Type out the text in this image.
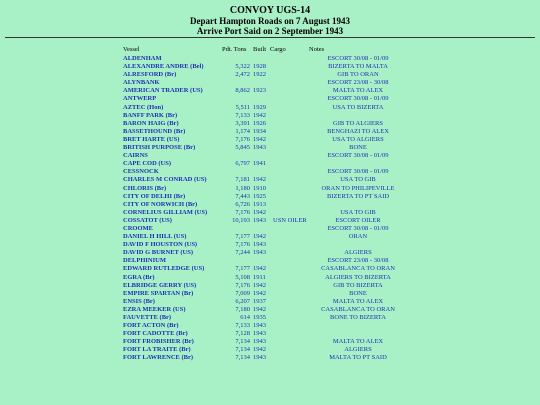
CONVOY UGS-14
Depart Hampton Roads on 7 August 1943
Arrive Port Said on 2 September 1943
Vessel	Pdt. Tons	Built Cargo	Notes
ALDENHAM	ESCORT 30/08 - 01/09
ALEXANDRE ANDRE (Bel)	5,322 1928	BIZERTA TO MALTA
ALRESFORD (Br)	2,472 1922	GIB TO ORAN
ALYNBANK	ESCORT 23/08 - 30/08
AMERICAN TRADER (US)	8,862 1923	MALTA TO ALEX
ANTWERP	ESCORT 30/08 - 01/09
AZTEC (Hon)	5,511 1929	USA TO BIZERTA
BANFF PARK (Br)	7,133 1942
BARON HAIG (Br)	3,391 1926	GIB TO ALGIERS
BASSETHOUND (Br)	1,174 1934	BENGHAZI TO ALEX
BRET HARTE (US)	7,176 1942	USA TO ALGIERS
BRITISH PURPOSE (Br)	5,845 1943	BONE
CAIRNS	ESCORT 30/08 - 01/09
CAPE COD (US)	6,797 1941
CESSNOCK	ESCORT 30/08 - 01/09
CHARLES M CONRAD (US)	7,181 1942	USA TO GIB
CHLORIS (Br)	1,180 1910	ORAN TO PHILIPEVILLE
CITY OF DELHI (Br)	7,443 1925	BIZERTA TO PT SAID
CITY OF NORWICH (Br)	6,726 1913
CORNELIUS GILLIAM (US)	7,176 1942	USA TO GIB
COSSATOT (US)	10,193 1943 USN OILER	ESCORT OILER
CROOME	ESCORT 30/08 - 01/09
DANIEL H HILL (US)	7,177 1942	ORAN
DAVID F HOUSTON (US)	7,176 1943
DAVID G BURNET (US)	7,244 1943	ALGIERS
DELPHINIUM	ESCORT 23/08 - 30/08
EDWARD RUTLEDGE (US)	7,177 1942	CASABLANCA TO ORAN
EGRA (Br)	5,108 1911	ALGIERS TO BIZERTA
ELBRIDGE GERRY (US)	7,176 1942	GIB TO BIZERTA
EMPIRE SPARTAN (Br)	7,009 1942	BONE
ENSIS (Br)	6,207 1937	MALTA TO ALEX
EZRA MEEKER (US)	7,180 1942	CASABLANCA TO ORAN
FAUVETTE (Br)	614 1935	BONE TO BIZERTA
FORT ACTON (Br)	7,133 1943
FORT CADOTTE (Br)	7,128 1943
FORT FROBISHER (Br)	7,134 1943	MALTA TO ALEX
FORT LA TRAITE (Br)	7,134 1942	ALGIERS
FORT LAWRENCE (Br)	7,134 1943	MALTA TO PT SAID
